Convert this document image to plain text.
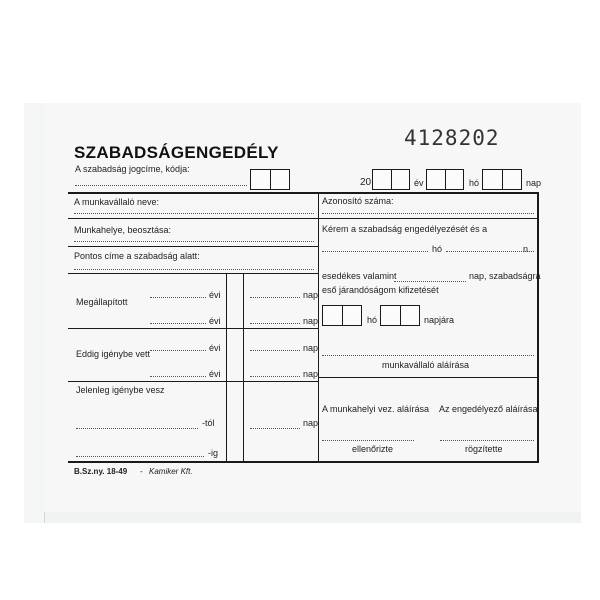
SZABADSÁGENGEDÉLY
4128202
A szabadság jogcíme, kódja:
20	év	hó	nap
A munkavállaló neve:
Munkahelye, beosztása:
Pontos címe a szabadság alatt:
Megállapított
évi	nap
évi	nap
Eddig igénybe vett
évi	nap
évi	nap
Jelenleg igénybe vesz
-tól	nap
-ig
Azonosító száma:
Kérem a szabadság engedélyezését és a
hó	n.
esedékes valamint	nap, szabadságra
eső járandóságom kifizetését
hó	napjára
munkavállaló aláírása
A munkahelyi vez. aláírása Az engedélyező aláírása
ellenőrizte	rögzítette
B.Sz.ny. 18-49 - Kamiker Kft.
